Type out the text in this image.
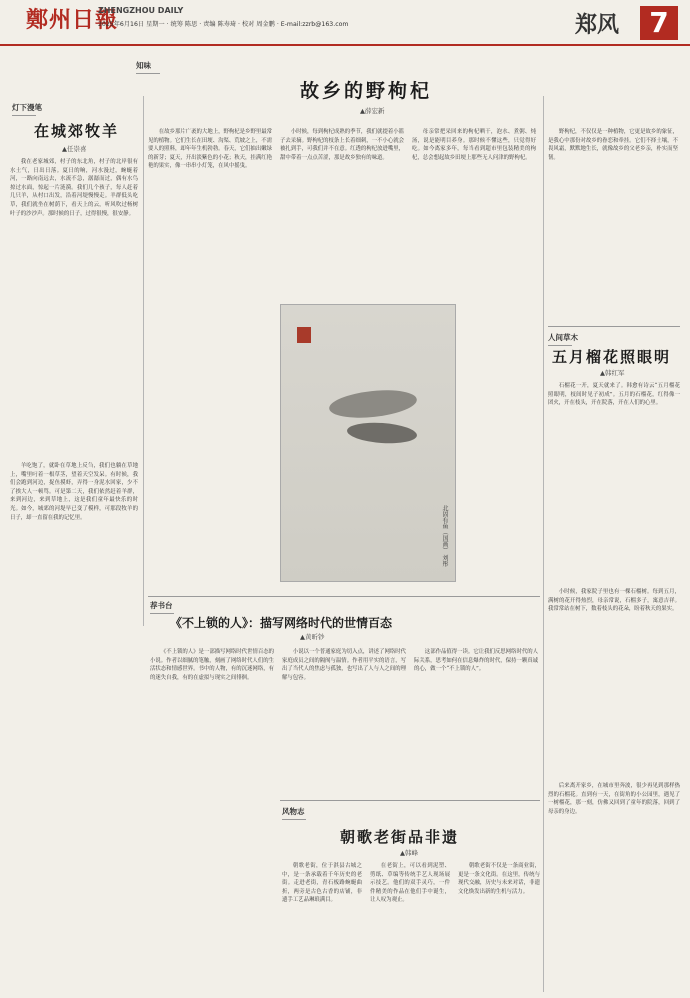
鄭州日報
ZHENGZHOU DAILY
2025年6月16日 星期一 · 统筹 陈思 · 责编 陈寿琦 · 校对 周金鹏 · E-mail:zzrb@163.com	郑风	7
知味
故乡的野枸杞
▲薛宏新
灯下漫笔
在城郊牧羊
▲任崇喜

我在老家城郊，村子的东北角，村子的北岸很有水土气，日出日落。夏日的晌，河水漫过，蜿蜒着河，一路向南远去，水流不急，潺潺而过，偶有水鸟掠过水面，惊起一片涟漪。我们几个孩子，每人赶着几只羊，从村口出发，沿着河堤慢慢走。羊群低头吃草，我们就坐在树荫下，看天上的云，听风吹过杨树叶子的沙沙声。那时候的日子，过得很慢，很安静。

羊吃饱了，就卧在草地上反刍，我们也躺在草地上，嘴里叼着一根草茎，望着天空发呆。有时候，我们会跑到河边，捉鱼摸虾，弄得一身泥水回家，少不了挨大人一顿骂。可是第二天，我们依然赶着羊群，来到河边，来到草地上，这是我们童年最快乐的时光。如今，城郊的河堤早已变了模样，可那段牧羊的日子，却一直留在我的记忆里。

在故乡那片广袤的大地上，野枸杞是乡野里最常见的植物。它们生长在田埂、沟渠、荒坡之上，不需要人的照料，却年年生机勃勃。春天，它们抽出嫩绿的新芽；夏天，开出淡紫色的小花；秋天，挂满红艳艳的果实，像一串串小灯笼，在风中摇曳。

小时候，每到枸杞成熟的季节，我们就提着小篮子去采摘。野枸杞的枝条上长着细刺，一不小心就会被扎到手，可我们并不在意。红透的枸杞放进嘴里，甜中带着一点点苦涩，那是故乡独有的味道。

母亲常把采回来的枸杞晒干，泡水、煮粥、炖汤，说是能明目养身。那时候不懂这些，只觉得好吃。如今离家多年，每当看到超市里包装精美的枸杞，总会想起故乡田埂上那些无人问津的野枸杞。

野枸杞，不仅仅是一种植物，它更是故乡的象征，是我心中那份对故乡的眷恋和牵挂。它们不择土壤，不畏风霜，默默地生长，就像故乡的父老乡亲，朴实而坚韧。

北固有鱼（国画） 刘彤
荐书台
《不上锁的人》：描写网络时代的世情百态
▲黄昕钞

《不上锁的人》是一部描写网络时代世情百态的小说。作者以细腻的笔触，刻画了网络时代人们的生活状态和情感世界。书中的人物，有的沉迷网络，有的迷失自我，有的在虚拟与现实之间徘徊。

小说以一个普通家庭为切入点，讲述了网络时代家庭成员之间的隔阂与温情。作者用平实的语言，写出了当代人的焦虑与孤独，也写出了人与人之间的理解与包容。

这部作品值得一读。它让我们反思网络时代的人际关系，思考如何在信息爆炸的时代，保持一颗真诚的心，做一个“不上锁的人”。

人间草木
五月榴花照眼明
▲韩红军

石榴花一开，夏天就来了。韩愈有诗云“五月榴花照眼明，枝间时见子初成”。五月的石榴花，红得像一团火，开在枝头，开在院落，开在人们的心里。

小时候，我家院子里也有一棵石榴树。每到五月，满树的花开得热烈，母亲常说，石榴多子，寓意吉祥。我常常站在树下，数着枝头的花朵，盼着秋天的果实。

后来离开家乡，在城市里奔波，很少再见到那样热烈的石榴花。直到有一天，在街角的小公园里，遇见了一树榴花，那一刻，仿佛又回到了童年的院落，回到了母亲的身边。

风物志
朝歌老街品非遗
▲韩峰

朝歌老街，位于淇县古城之中，是一条承载着千年历史的老街。走进老街，青石板路蜿蜒曲折，两旁是古色古香的店铺，非遗手工艺品琳琅满目。

在老街上，可以看到泥塑、剪纸、草编等传统手艺人现场展示技艺。他们的双手灵巧，一件件精美的作品在他们手中诞生，让人叹为观止。

朝歌老街不仅是一条商业街，更是一条文化街。在这里，传统与现代交融，历史与未来对话，非遗文化焕发出新的生机与活力。
